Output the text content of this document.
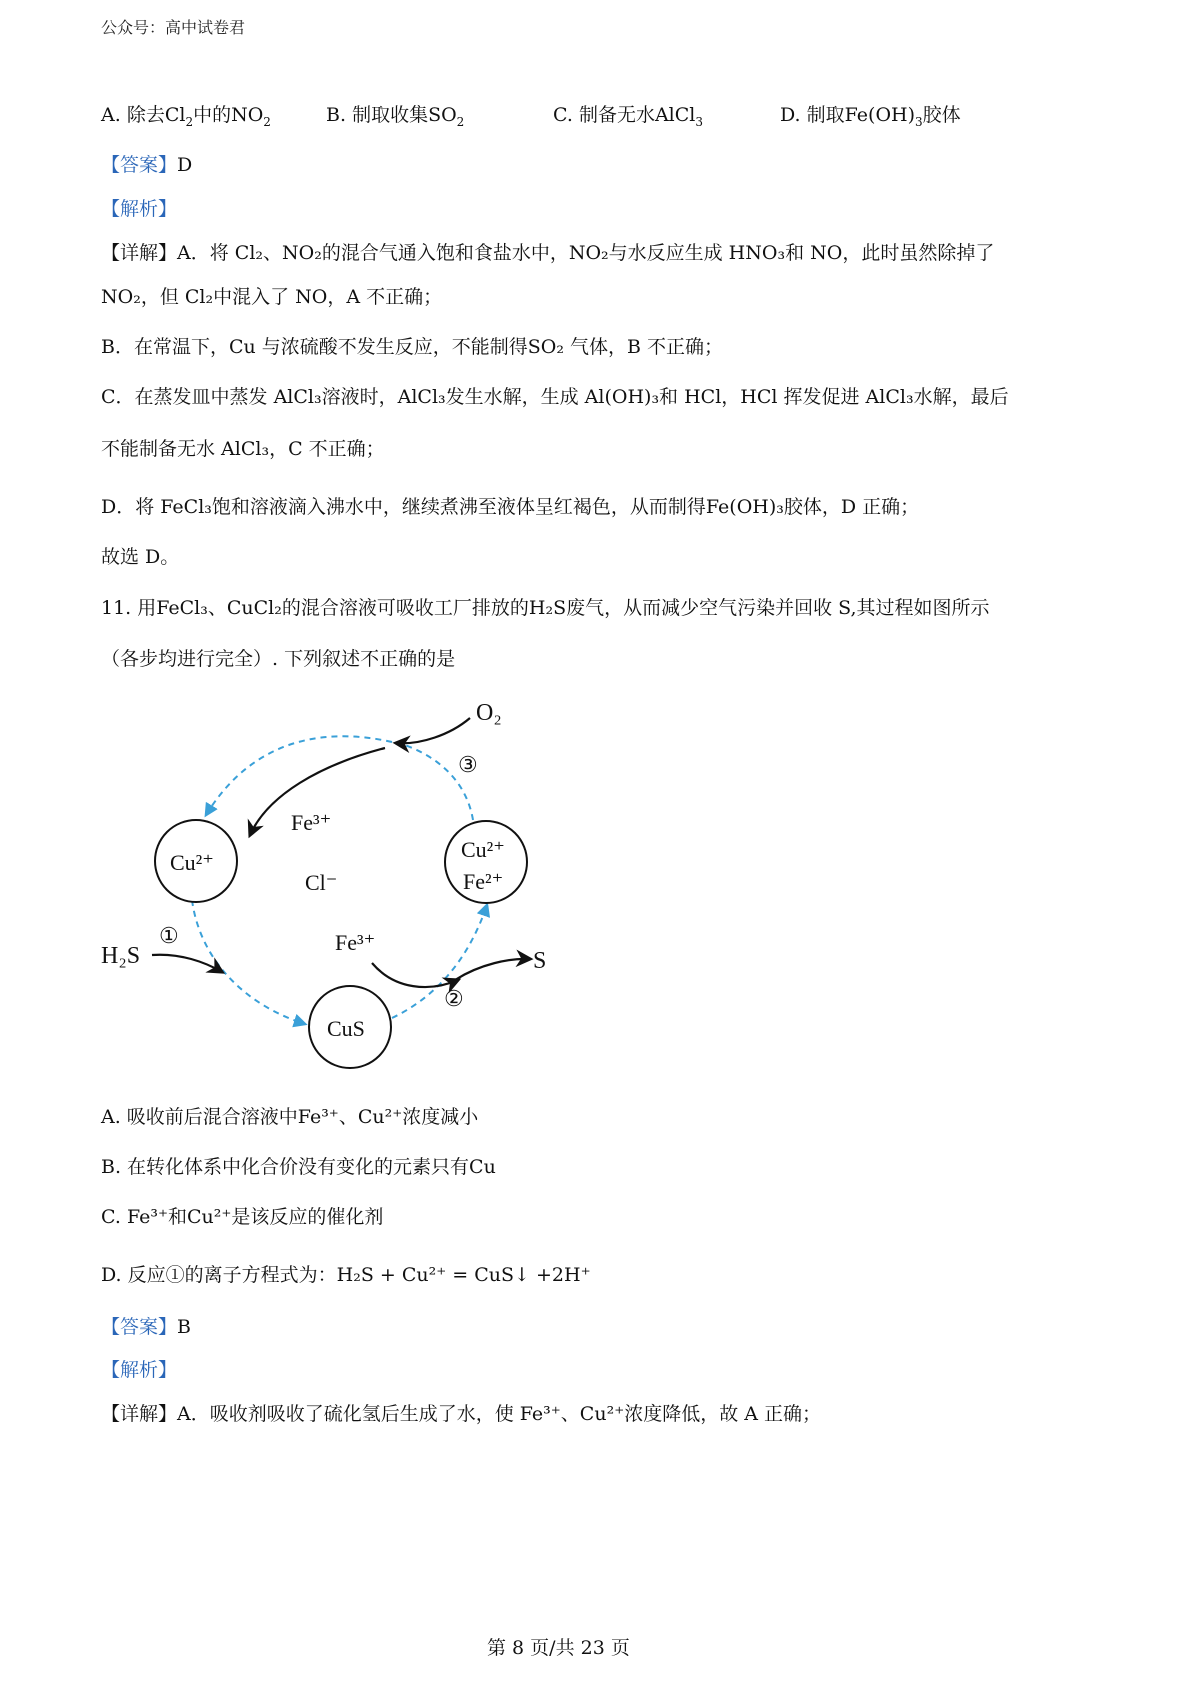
公众号：高中试卷君
A. 除去$Cl_2$中的$NO_2$	B. 制取收集$SO_2$	C. 制备无水AlCl$_3$	D. 制取$Fe(OH)_3$胶体
【答案】D
【解析】
【详解】A．将 Cl₂、NO₂的混合气通入饱和食盐水中，NO₂与水反应生成 HNO₃和 NO，此时虽然除掉了
NO₂，但 Cl₂中混入了 NO，A 不正确；
B．在常温下，Cu 与浓硫酸不发生反应，不能制得SO₂ 气体，B 不正确；
C．在蒸发皿中蒸发 AlCl₃溶液时，AlCl₃发生水解，生成 Al(OH)₃和 HCl，HCl 挥发促进 AlCl₃水解，最后
不能制备无水 AlCl₃，C 不正确；
D．将 FeCl₃饱和溶液滴入沸水中，继续煮沸至液体呈红褐色，从而制得Fe(OH)₃胶体，D 正确；
故选 D。
11. 用FeCl₃、CuCl₂的混合溶液可吸收工厂排放的H₂S废气，从而减少空气污染并回收 S,其过程如图所示
（各步均进行完全）. 下列叙述不正确的是
O₂
③
Fe³⁺
Cl⁻
Cu²⁺
Cu²⁺
Fe²⁺
H₂S
①	Fe³⁺
S
②
CuS
A. 吸收前后混合溶液中Fe³⁺、Cu²⁺浓度减小
B. 在转化体系中化合价没有变化的元素只有Cu
C. Fe³⁺和Cu²⁺是该反应的催化剂
D. 反应①的离子方程式为：H₂S + Cu²⁺ = CuS↓ +2H⁺
【答案】B
【解析】
【详解】A．吸收剂吸收了硫化氢后生成了水，使 Fe³⁺、Cu²⁺浓度降低，故 A 正确；
第 8 页/共 23 页
